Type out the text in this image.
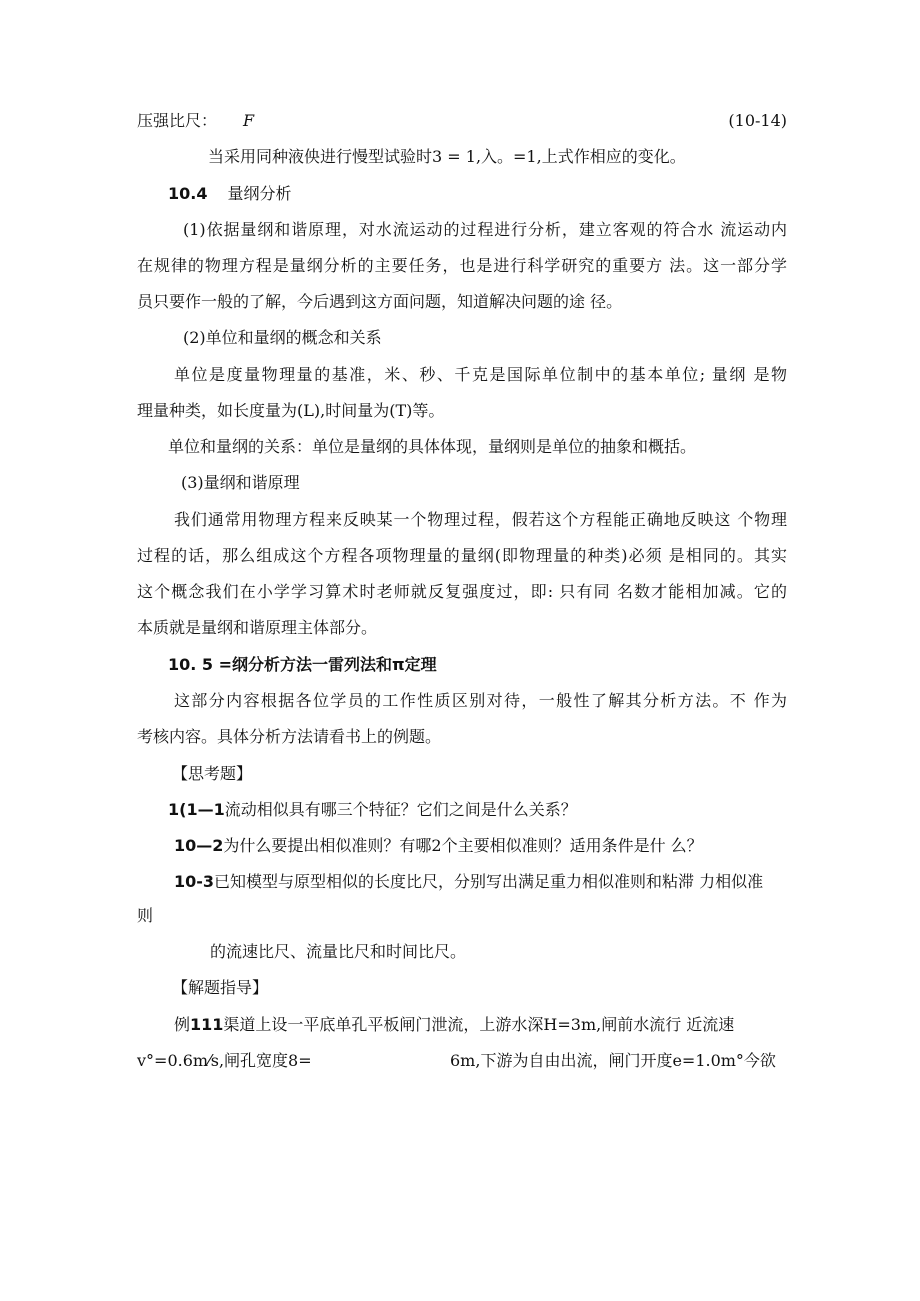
压强比尺： F	(10-14)
当采用同种液佒进行慢型试验时3 = 1,入。=1,上式作相应的变化。
10.4 量纲分析
(1)依据量纲和谐原理，对水流运动的过程进行分析，建立客观的符合水 流运动内
在规律的物理方程是量纲分析的主要任务，也是进行科学研究的重要方 法。这一部分学
员只要作一般的了解，今后遇到这方面问题，知道解决问题的途 径。
(2)单位和量纲的概念和关系
单位是度量物理量的基准，米、秒、千克是国际单位制中的基本单位; 量纲 是物
理量种类，如长度量为(L),时间量为(T)等。
单位和量纲的关系：单位是量纲的具体体现，量纲则是单位的抽象和概括。
(3)量纲和谐原理
我们通常用物理方程来反映某一个物理过程，假若这个方程能正确地反映这 个物理
过程的话，那么组成这个方程各项物理量的量纲(即物理量的种类)必须 是相同的。其实
这个概念我们在小学学习算术时老师就反复强度过，即: 只有同 名数才能相加减。它的
本质就是量纲和谐原理主体部分。
10. 5 =纲分析方法一雷列法和π定理
这部分内容根据各位学员的工作性质区别对待，一般性了解其分析方法。不 作为
考核内容。具体分析方法请看书上的例题。
【思考题】
1(1—1流动相似具有哪三个特征？它们之间是什么关系？
10—2为什么要提出相似准则？有哪2个主要相似准则？适用条件是什 么？
10-3已知模型与原型相似的长度比尺，分别写出满足重力相似准则和粘滞 力相似准
则
的流速比尺、流量比尺和时间比尺。
【解题指导】
例111渠道上设一平底单孔平板闸门泄流，上游水深H=3m,闸前水流行 近流速
v°=0.6m⁄s,闸孔宽度8=	6m,下游为自由出流，闸门开度e=1.0m°今欲
